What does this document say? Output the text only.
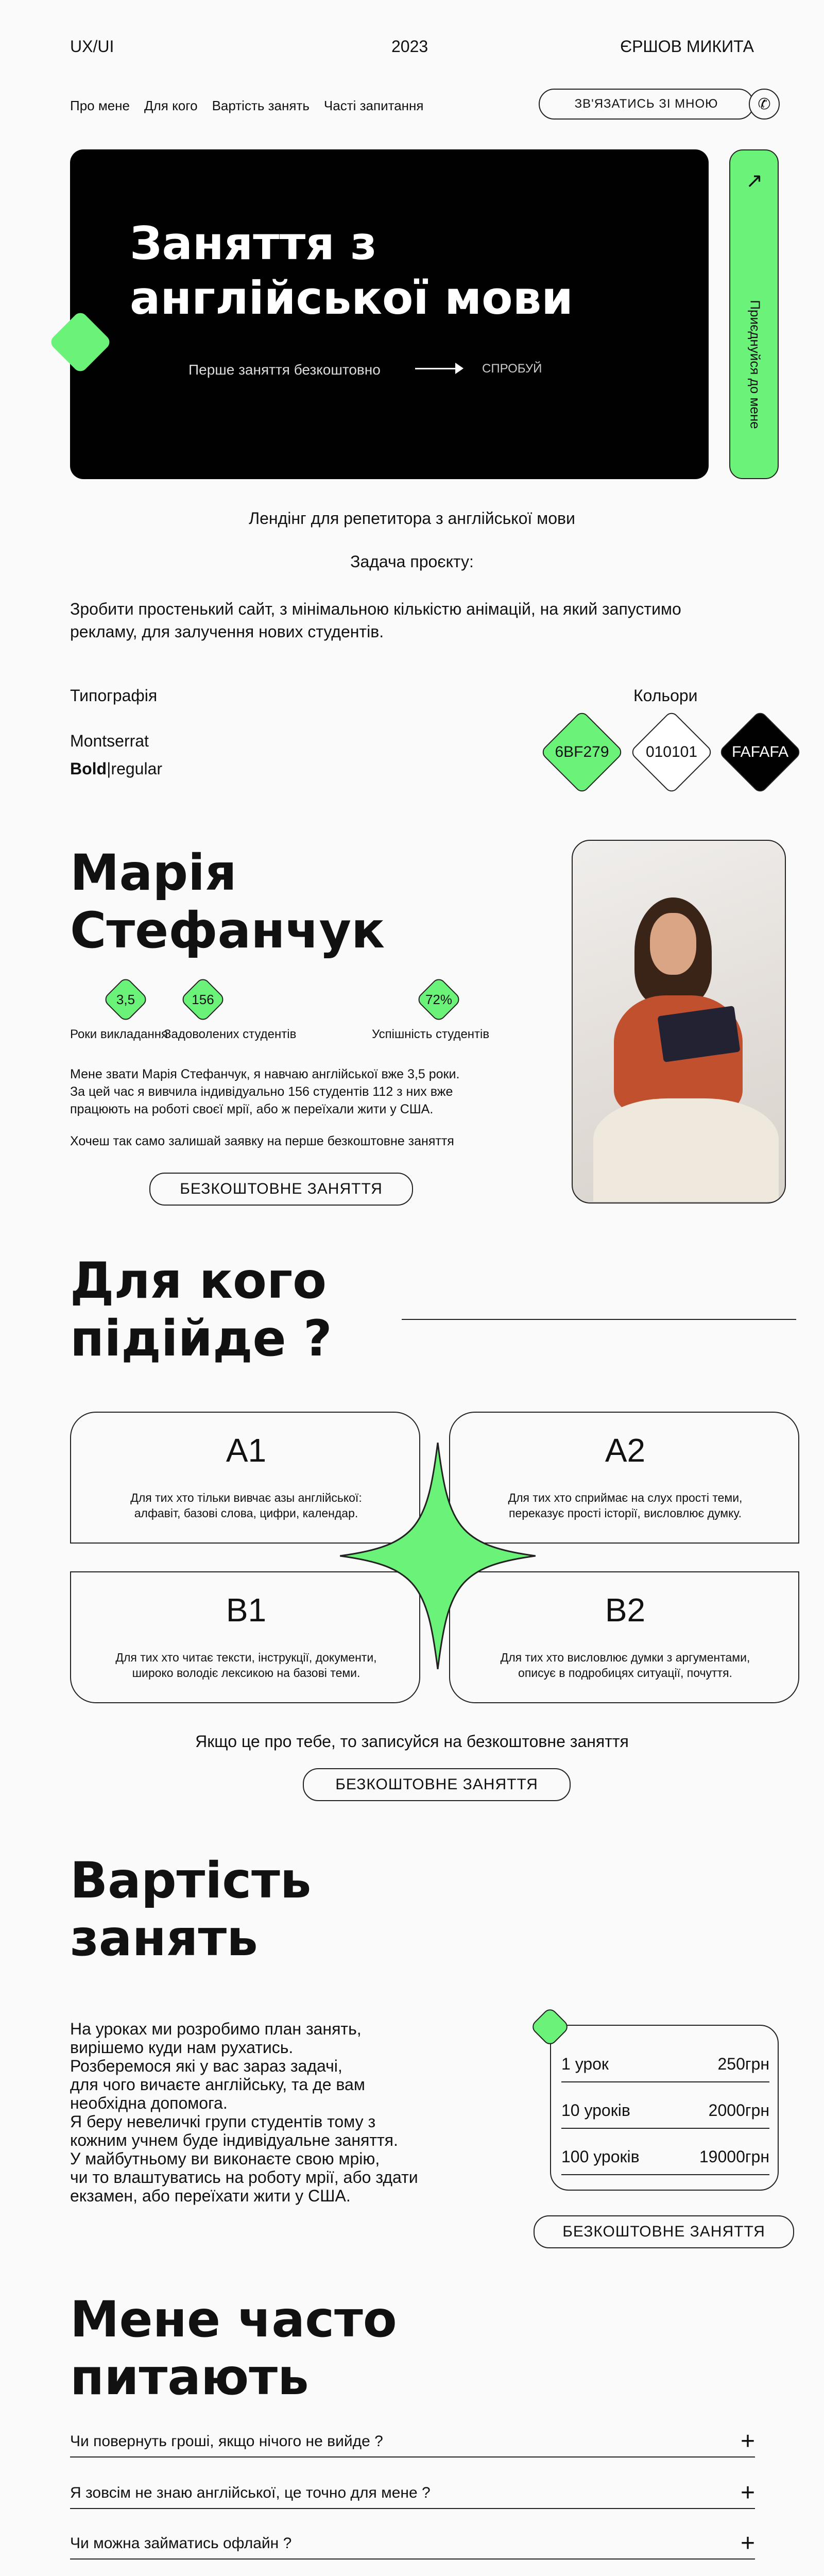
UX/UI	2023	ЄРШОВ МИКИТА
Про мене Для кого Вартість занять Часті запитання	ЗВ'ЯЗАТИСЬ ЗІ МНОЮ	✆
Заняття з
англійської мови
Перше заняття безкоштовно	СПРОБУЙ
↗
Приєднуйся до мене
Лендінг для репетитора з англійської мови
Задача проєкту:
Зробити простенький сайт, з мінімальною кількістю анімацій, на який запустимо
рекламу, для залучення нових студентів.
Типографія
Montserrat
Bold|regular
Кольори
6BF279	010101	FAFAFA
Марія
Стефанчук
3,5
Роки викладання
156
Задоволених студентів
72%
Успішність студентів
Мене звати Марія Стефанчук, я навчаю англійської вже 3,5 роки.
За цей час я вивчила індивідуально 156 студентів 112 з них вже
працюють на роботі своєї мрії, або ж переїхали жити у США.
Хочеш так само залишай заявку на перше безкоштовне заняття
БЕЗКОШТОВНЕ ЗАНЯТТЯ
Для кого
підійде ?
A1
Для тих хто тільки вивчає азы англійської:
алфавіт, базові слова, цифри, календар.
A2
Для тих хто сприймає на слух прості теми,
переказує прості історії, висловлює думку.
B1
Для тих хто читає тексти, інструкції, документи,
широко володіє лексикою на базові теми.
B2
Для тих хто висловлює думки з аргументами,
описує в подробицях ситуації, почуття.
Якщо це про тебе, то записуйся на безкоштовне заняття
БЕЗКОШТОВНЕ ЗАНЯТТЯ
Вартість
занять
На уроках ми розробимо план занять,
вирішемо куди нам рухатись.
Розберемося які у вас зараз задачі,
для чого вичаєте англійську, та де вам
необхідна допомога.
Я беру невеличкі групи студентів тому з
кожним учнем буде індивідуальне заняття.
У майбутньому ви виконаєте свою мрію,
чи то влаштуватись на роботу мрії, або здати
екзамен, або переїхати жити у США.
1 урок	250грн
10 уроків	2000грн
100 уроків	19000грн
БЕЗКОШТОВНЕ ЗАНЯТТЯ
Мене часто
питають
Чи повернуть гроші, якщо нічого не вийде ?	+
Я зовсім не знаю англійської, це точно для мене ?	+
Чи можна займатись офлайн ?	+
